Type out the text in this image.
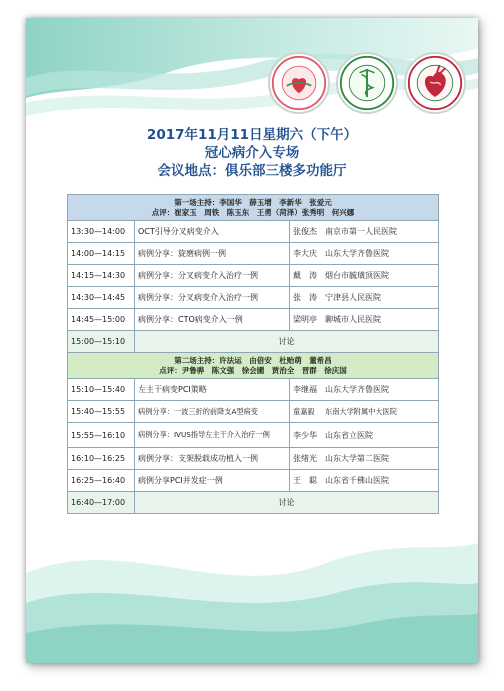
2017年11月11日星期六（下午）
冠心病介入专场
会议地点：俱乐部三楼多功能厅
第一场主持：李国华　薛玉增　李新华　张爱元
点评：崔家玉　周铁　陈玉东　王勇（菏泽）张秀明　何兴娜		

13:30—14:00	OCT引导分叉病变介入	张俊杰 南京市第一人民医院
14:00—14:15	病例分享：旋磨病例一例	李大庆 山东大学齐鲁医院
14:15—14:30	病例分享：分叉病变介入治疗一例	戴　涛 烟台市毓璜顶医院
14:30—14:45	病例分享：分叉病变介入治疗一例	张　涛 宁津县人民医院
14:45—15:00	病例分享：CTO病变介入一例	梁明亭 聊城市人民医院
15:00—15:10	讨论	

第二场主持：许法运　由倍安　杜贻萌　董希昌
点评：尹鲁骅　陈文强　徐会圃　贾治全　晋群　徐庆国		

15:10—15:40	左主干病变PCI策略	李继福 山东大学齐鲁医院
15:40—15:55	病例分享：一波三折的前降支A型病变	童嘉毅 东南大学附属中大医院
15:55—16:10	病例分享：IVUS指导左主干介入治疗一例	李少华 山东省立医院
16:10—16:25	病例分享：支架脱载成功植入一例	张绪光 山东大学第二医院
16:25—16:40	病例分享PCI并发症一例	王　聪 山东省千佛山医院
16:40—17:00	讨论	
